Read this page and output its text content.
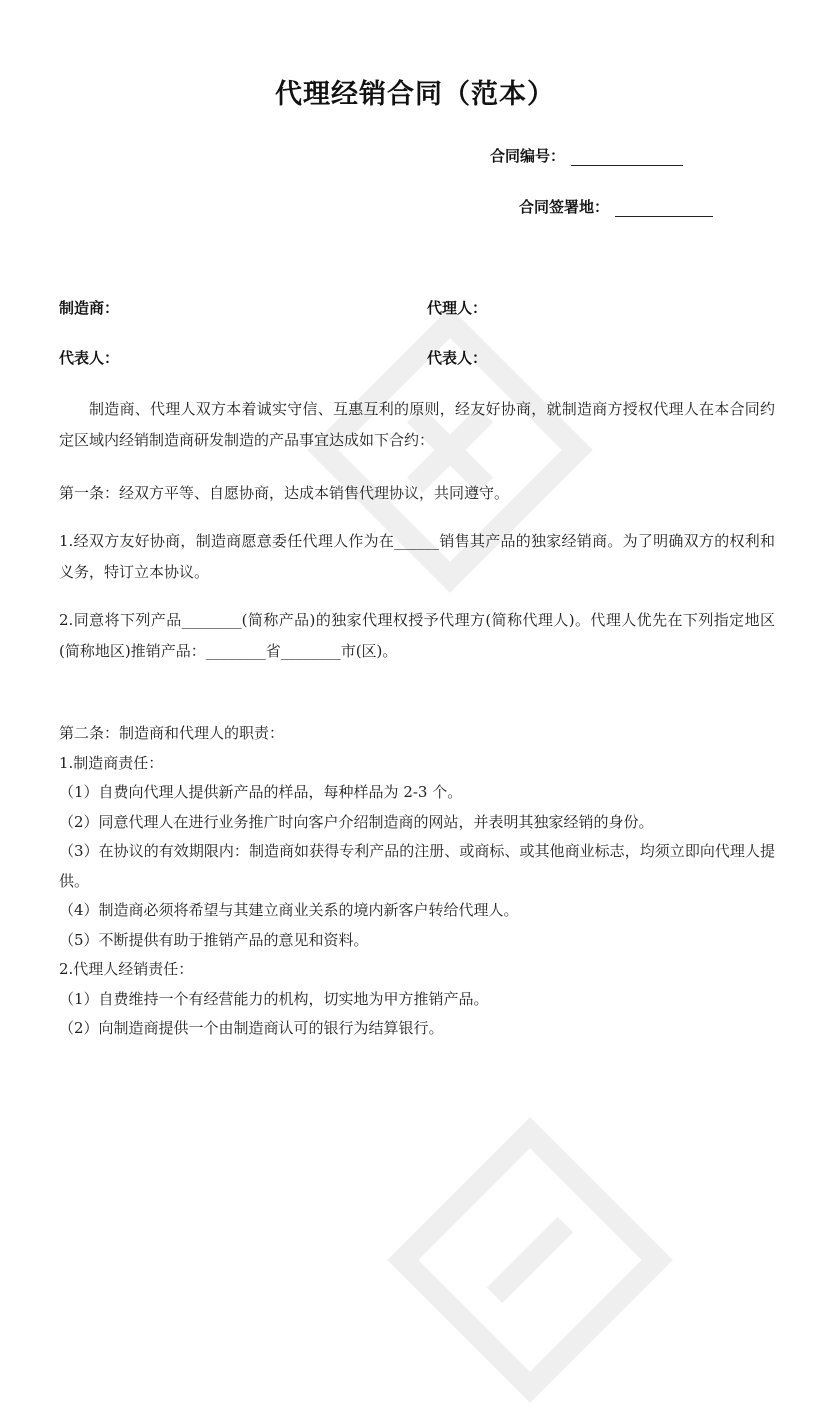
代理经销合同（范本）
合同编号：
合同签署地：
制造商：	代理人：
代表人：	代表人：
制造商、代理人双方本着诚实守信、互惠互利的原则，经友好协商，就制造商方授权代理人在本合同约定区域内经销制造商研发制造的产品事宜达成如下合约：
第一条：经双方平等、自愿协商，达成本销售代理协议，共同遵守。
1.经双方友好协商，制造商愿意委任代理人作为在______销售其产品的独家经销商。为了明确双方的权利和义务，特订立本协议。
2.同意将下列产品________(简称产品)的独家代理权授予代理方(简称代理人)。代理人优先在下列指定地区(简称地区)推销产品：________省________市(区)。
第二条：制造商和代理人的职责：
1.制造商责任：
（1）自费向代理人提供新产品的样品，每种样品为 2-3 个。
（2）同意代理人在进行业务推广时向客户介绍制造商的网站，并表明其独家经销的身份。
（3）在协议的有效期限内：制造商如获得专利产品的注册、或商标、或其他商业标志，均须立即向代理人提供。
（4）制造商必须将希望与其建立商业关系的境内新客户转给代理人。
（5）不断提供有助于推销产品的意见和资料。
2.代理人经销责任：
（1）自费维持一个有经营能力的机构，切实地为甲方推销产品。
（2）向制造商提供一个由制造商认可的银行为结算银行。
